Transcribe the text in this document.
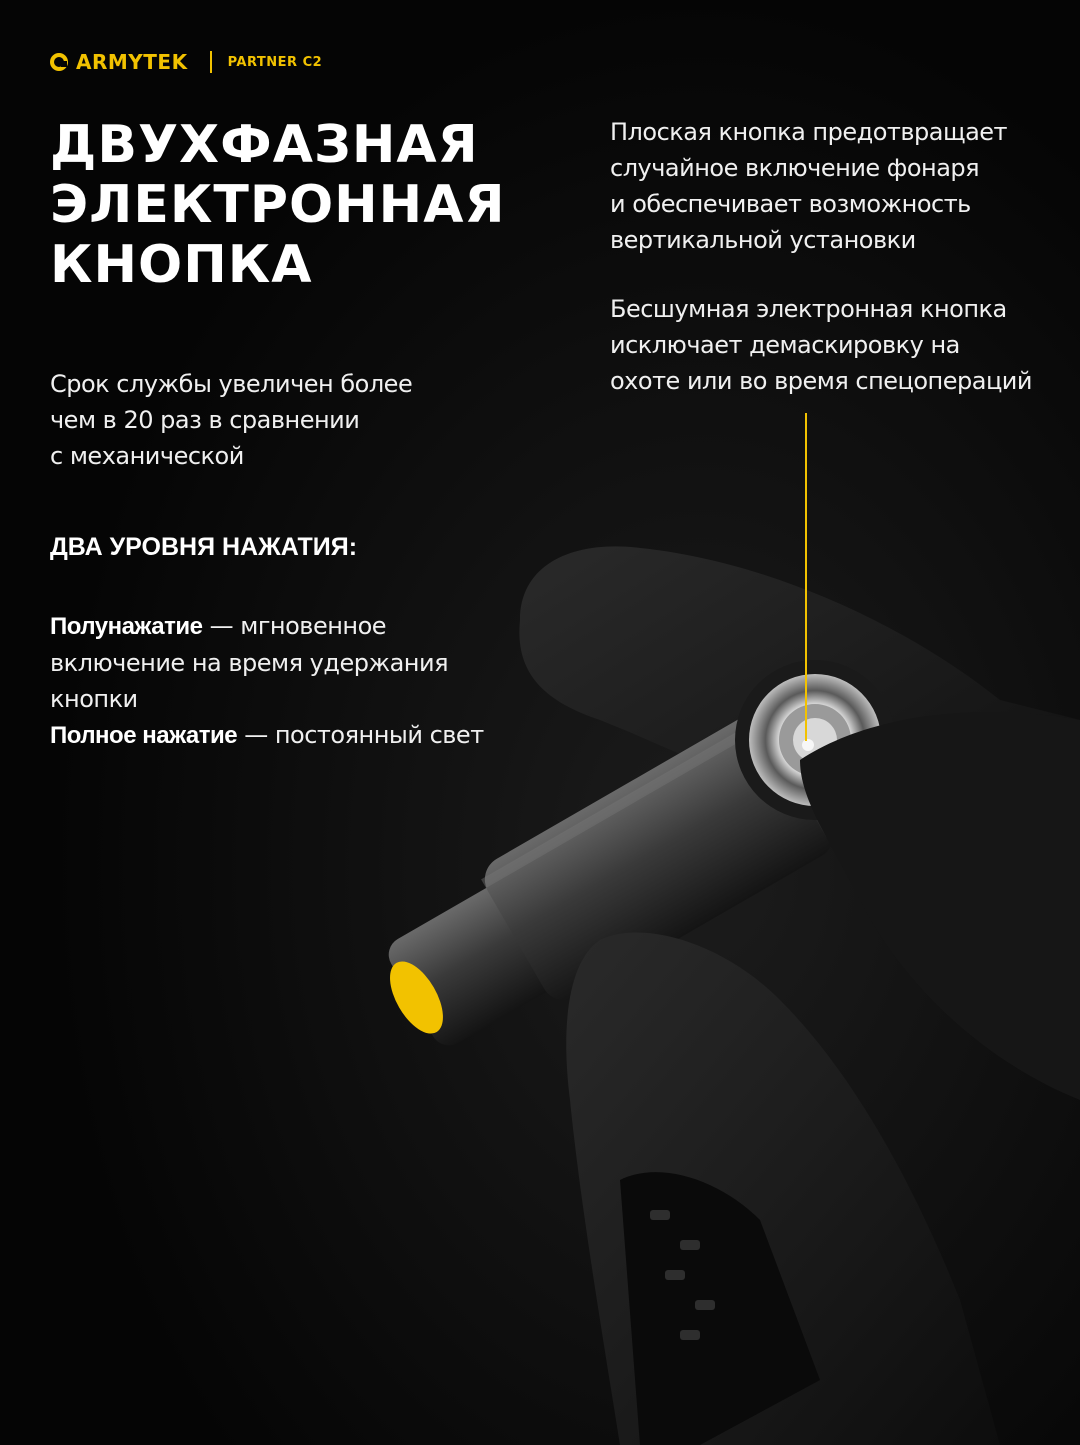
ARMYTEK	PARTNER C2
ДВУХФАЗНАЯ
ЭЛЕКТРОННАЯ
КНОПКА
Срок службы увеличен более
чем в 20 раз в сравнении
с механической
Плоская кнопка предотвращает
случайное включение фонаря
и обеспечивает возможность
вертикальной установки
Бесшумная электронная кнопка
исключает демаскировку на
охоте или во время спецопераций
ДВА УРОВНЯ НАЖАТИЯ:
Полунажатие — мгновенное
включение на время удержания
кнопки
Полное нажатие — постоянный свет
